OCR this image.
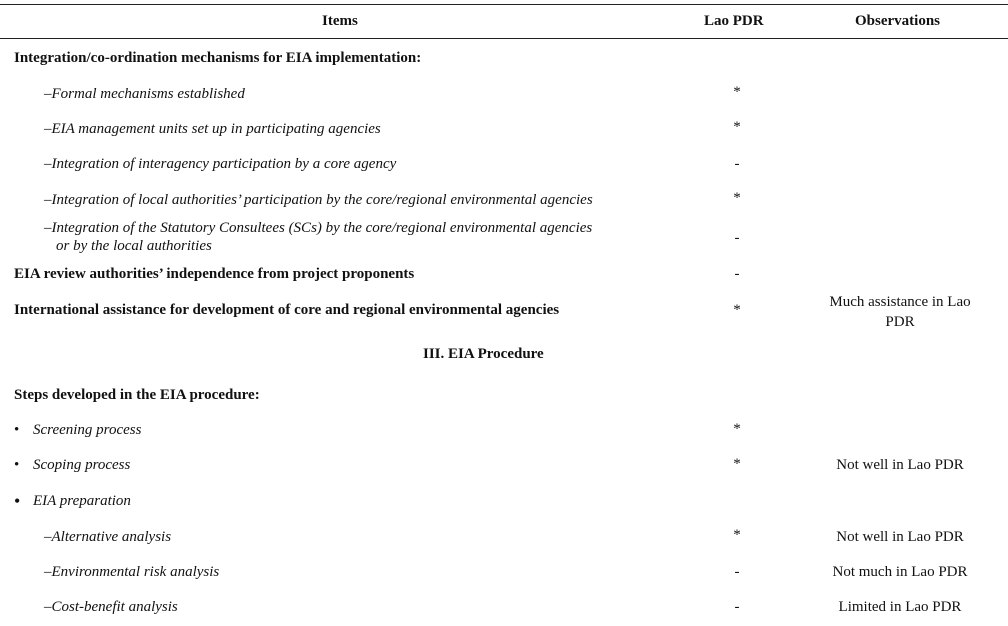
Items	Lao PDR	Observations
Integration/co-ordination mechanisms for EIA implementation:
–Formal mechanisms established	*
–EIA management units set up in participating agencies	*
–Integration of interagency participation by a core agency	-
–Integration of local authorities’ participation by the core/regional environmental agencies	*
–Integration of the Statutory Consultees (SCs) by the core/regional environmental agencies
or by the local authorities	-
EIA review authorities’ independence from project proponents	-
International assistance for development of core and regional environmental agencies	*	Much assistance in Lao
PDR
III. EIA Procedure
Steps developed in the EIA procedure:
• Screening process	*
• Scoping process	*	Not well in Lao PDR
• EIA preparation
–Alternative analysis	*	Not well in Lao PDR
–Environmental risk analysis	-	Not much in Lao PDR
–Cost-benefit analysis	-	Limited in Lao PDR
